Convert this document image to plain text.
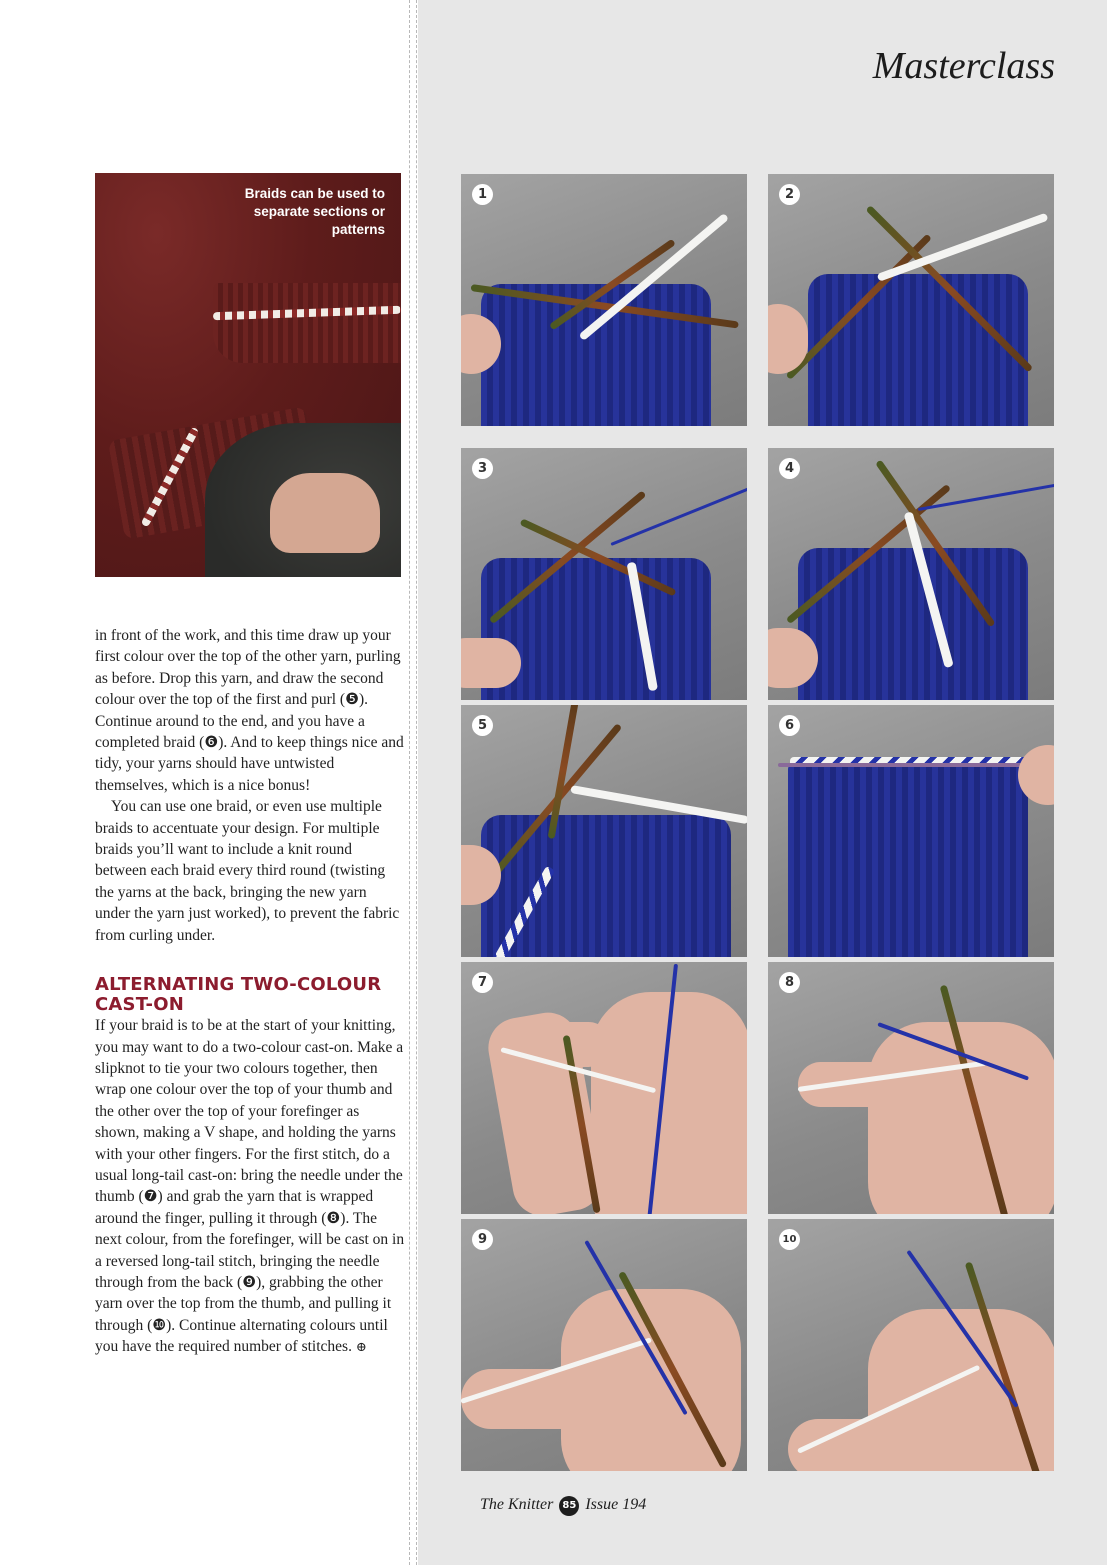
Masterclass

Braids can be used to separate sections or patterns

in front of the work, and this time draw up your first colour over the top of the other yarn, purling as before. Drop this yarn, and draw the second colour over the top of the first and purl (❺). Continue around to the end, and you have a completed braid (❻). And to keep things nice and tidy, your yarns should have untwisted themselves, which is a nice bonus!

You can use one braid, or even use multiple braids to accentuate your design. For multiple braids you’ll want to include a knit round between each braid every third round (twisting the yarns at the back, bringing the new yarn under the yarn just worked), to prevent the fabric from curling under.

ALTERNATING TWO-COLOUR CAST-ON

If your braid is to be at the start of your knitting, you may want to do a two-colour cast-on. Make a slipknot to tie your two colours together, then wrap one colour over the top of your thumb and the other over the top of your forefinger as shown, making a V shape, and holding the yarns with your other fingers. For the first stitch, do a usual long-tail cast-on: bring the needle under the thumb (❼) and grab the yarn that is wrapped around the finger, pulling it through (❽). The next colour, from the forefinger, will be cast on in a reversed long-tail stitch, bringing the needle through from the back (❾), grabbing the other yarn over the top from the thumb, and pulling it through (❿). Continue alternating colours until you have the required number of stitches. ⊕

1	2
3	4
5	6
7	8
9	10

The Knitter 85 Issue 194
